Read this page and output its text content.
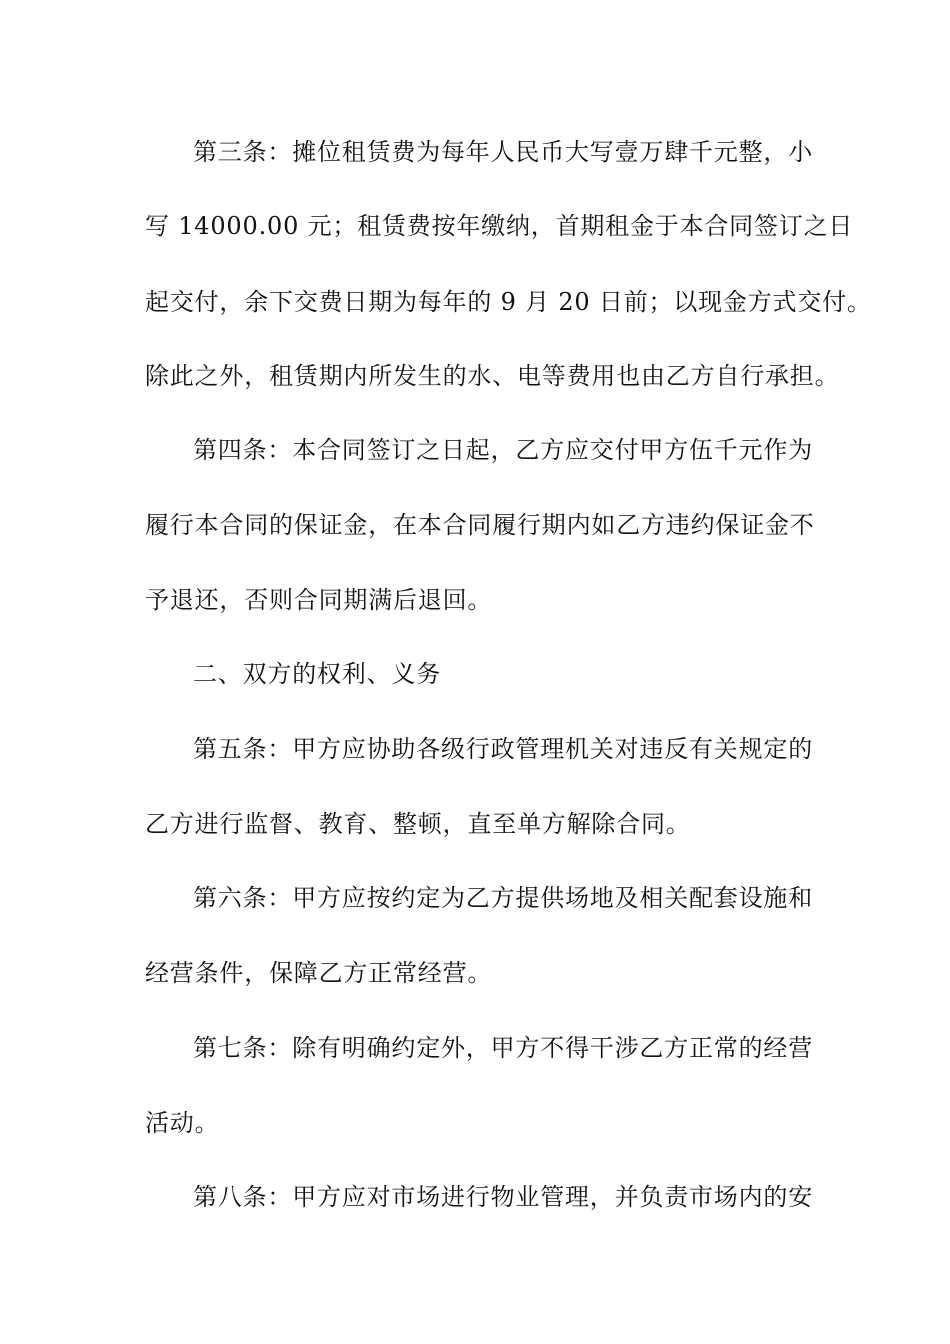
第三条：摊位租赁费为每年人民币大写壹万肆千元整，小
写 14000.00 元；租赁费按年缴纳，首期租金于本合同签订之日
起交付，余下交费日期为每年的 9 月 20 日前；以现金方式交付。
除此之外，租赁期内所发生的水、电等费用也由乙方自行承担。
第四条：本合同签订之日起，乙方应交付甲方伍千元作为
履行本合同的保证金，在本合同履行期内如乙方违约保证金不
予退还，否则合同期满后退回。
二、双方的权利、义务
第五条：甲方应协助各级行政管理机关对违反有关规定的
乙方进行监督、教育、整顿，直至单方解除合同。
第六条：甲方应按约定为乙方提供场地及相关配套设施和
经营条件，保障乙方正常经营。
第七条：除有明确约定外，甲方不得干涉乙方正常的经营
活动。
第八条：甲方应对市场进行物业管理，并负责市场内的安
